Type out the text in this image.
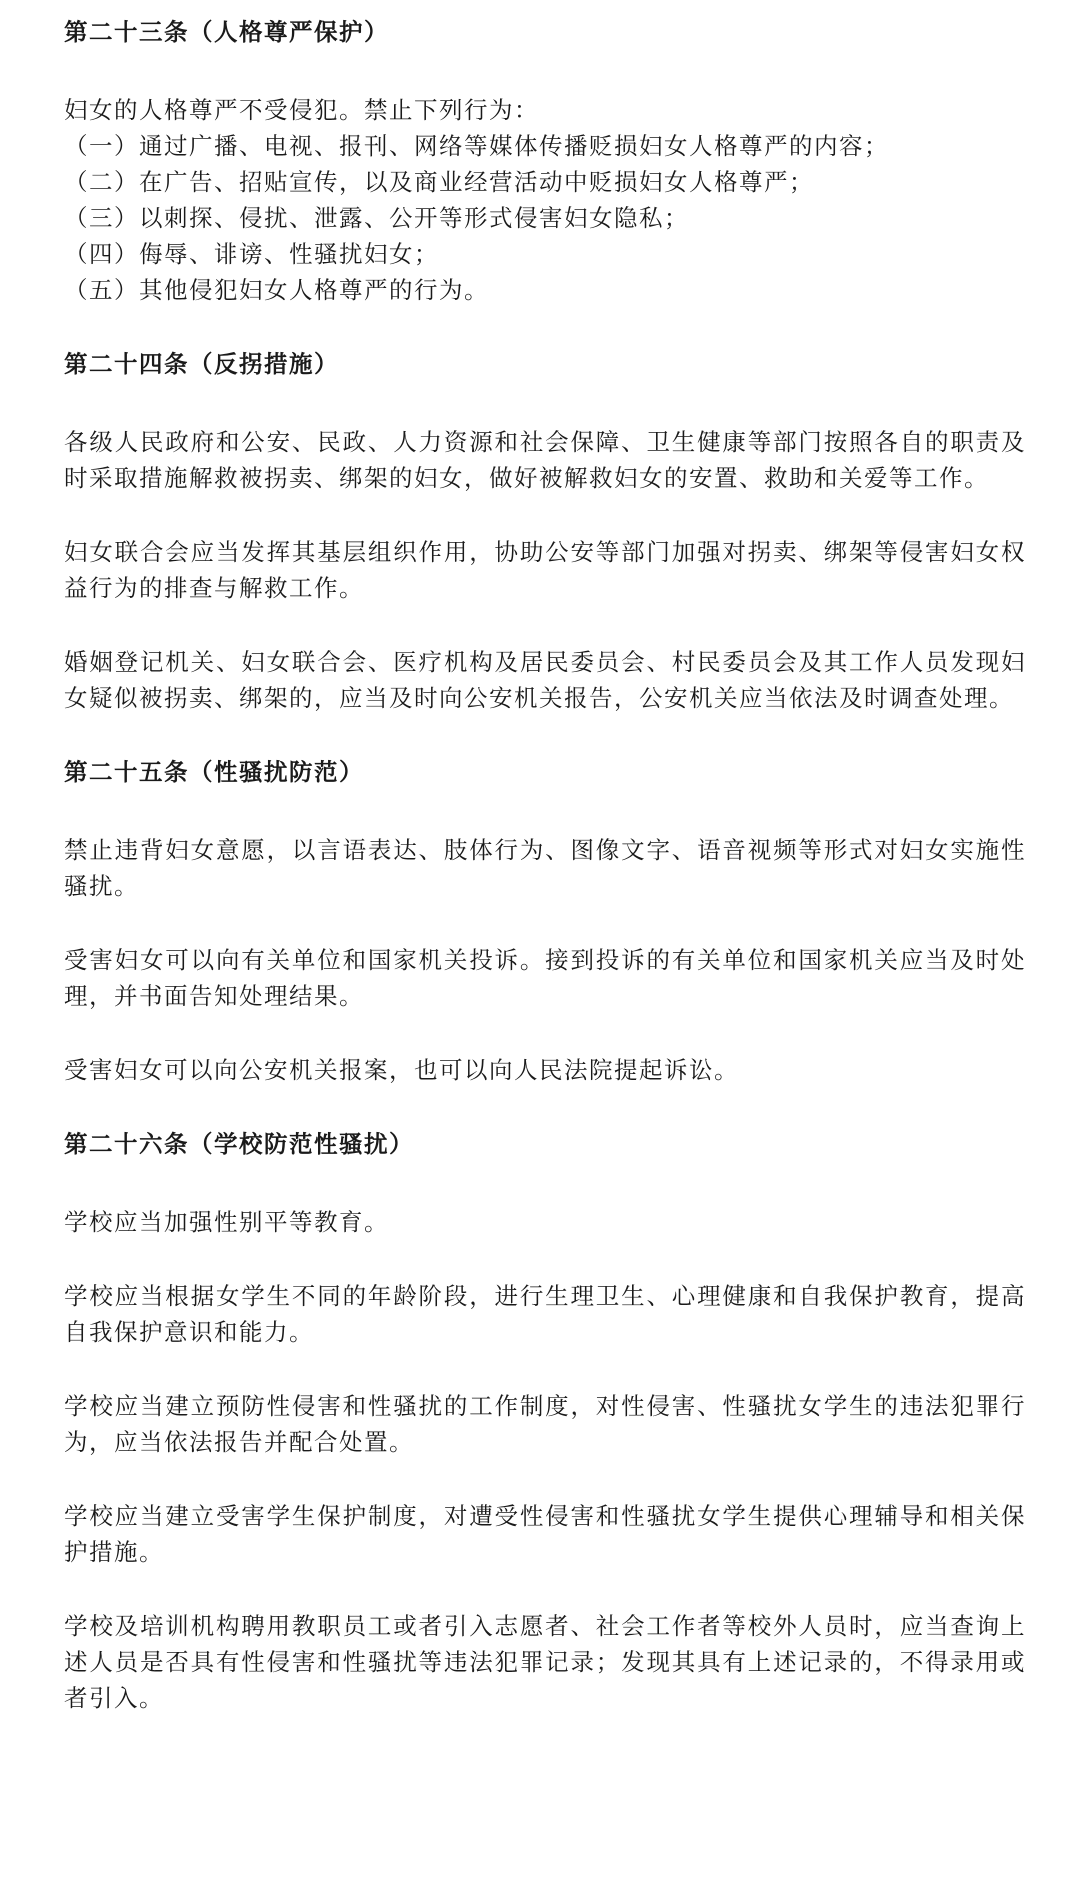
第二十三条（人格尊严保护）
妇女的人格尊严不受侵犯。禁止下列行为：
（一）通过广播、电视、报刊、网络等媒体传播贬损妇女人格尊严的内容；
（二）在广告、招贴宣传，以及商业经营活动中贬损妇女人格尊严；
（三）以刺探、侵扰、泄露、公开等形式侵害妇女隐私；
（四）侮辱、诽谤、性骚扰妇女；
（五）其他侵犯妇女人格尊严的行为。
第二十四条（反拐措施）

各级人民政府和公安、民政、人力资源和社会保障、卫生健康等部门按照各自的职责及时采取措施解救被拐卖、绑架的妇女，做好被解救妇女的安置、救助和关爱等工作。

妇女联合会应当发挥其基层组织作用，协助公安等部门加强对拐卖、绑架等侵害妇女权益行为的排查与解救工作。

婚姻登记机关、妇女联合会、医疗机构及居民委员会、村民委员会及其工作人员发现妇女疑似被拐卖、绑架的，应当及时向公安机关报告，公安机关应当依法及时调查处理。

第二十五条（性骚扰防范）

禁止违背妇女意愿，以言语表达、肢体行为、图像文字、语音视频等形式对妇女实施性骚扰。

受害妇女可以向有关单位和国家机关投诉。接到投诉的有关单位和国家机关应当及时处理，并书面告知处理结果。

受害妇女可以向公安机关报案，也可以向人民法院提起诉讼。

第二十六条（学校防范性骚扰）

学校应当加强性别平等教育。

学校应当根据女学生不同的年龄阶段，进行生理卫生、心理健康和自我保护教育，提高自我保护意识和能力。

学校应当建立预防性侵害和性骚扰的工作制度，对性侵害、性骚扰女学生的违法犯罪行为，应当依法报告并配合处置。

学校应当建立受害学生保护制度，对遭受性侵害和性骚扰女学生提供心理辅导和相关保护措施。

学校及培训机构聘用教职员工或者引入志愿者、社会工作者等校外人员时，应当查询上述人员是否具有性侵害和性骚扰等违法犯罪记录；发现其具有上述记录的，不得录用或者引入。
